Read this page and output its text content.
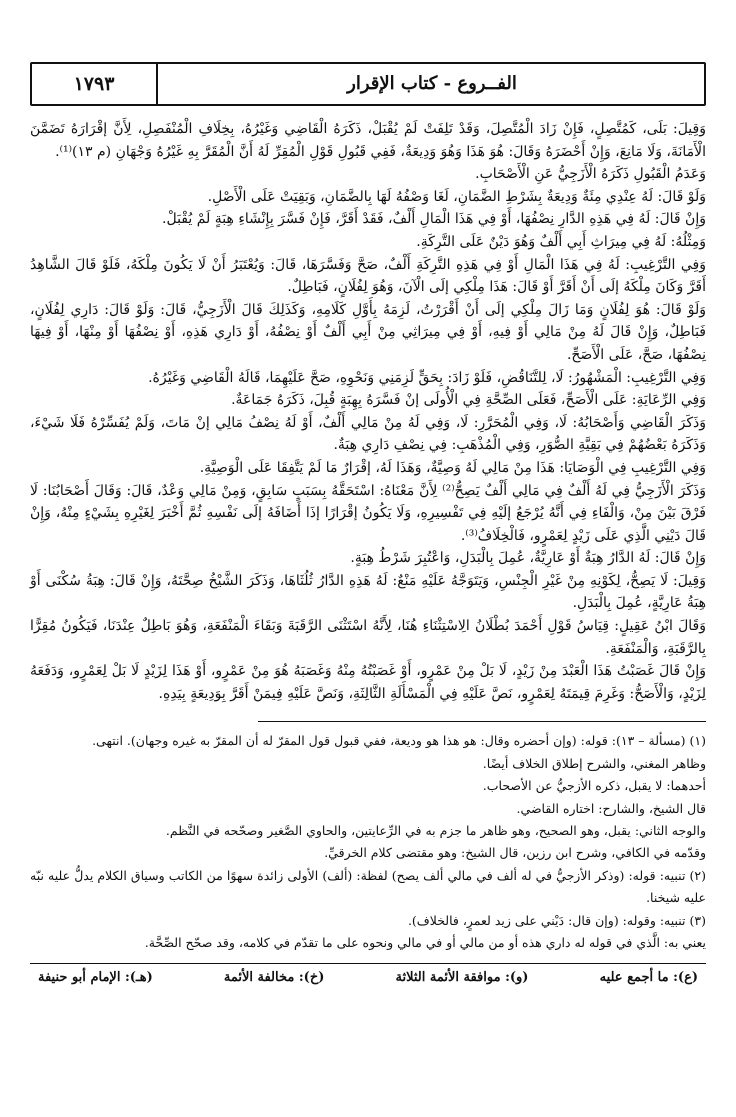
الفــروع - كتاب الإقرار
١٧٩٣

وَقِيلَ: بَلَى، كَمُتَّصِلٍ، فَإِنْ زَادَ الْمُتَّصِلَ، وَقَدْ تَلِفَتْ لَمْ يُقْبَلْ، ذَكَرَهُ الْقَاضِي وَغَيْرُهُ، بِخِلَافِ الْمُنْفَصِلِ، لِأَنَّ إقْرَارَهُ تَضَمَّنَ الْأَمَانَةَ، وَلَا مَانِعَ، وَإِنْ أَحْضَرَهُ وَقَالَ: هُوَ هَذَا وَهُوَ وَدِيعَةٌ، فَفِي قَبُولِ قَوْلِ الْمُقِرِّ لَهُ أَنَّ الْمُقَرَّ بِهِ غَيْرُهُ وَجْهَانِ (م ١٣)⁽¹⁾.

وَعَدَمُ الْقَبُولِ ذَكَرَهُ الْأَزَجِيُّ عَنِ الْأَصْحَابِ.

وَلَوْ قَالَ: لَهُ عِنْدِي مِئَةٌ وَدِيعَةٌ بِشَرْطِ الضَّمَانِ، لَغَا وَصْفُهُ لَهَا بِالضَّمَانِ، وَبَقِيَتْ عَلَى الْأَصْلِ.

وَإِنْ قَالَ: لَهُ فِي هَذِهِ الدَّارِ نِصْفُهَا، أَوْ فِي هَذَا الْمَالِ أَلْفٌ، فَقَدْ أَقَرَّ، فَإِنْ فَسَّرَ بِإِنْشَاءِ هِبَةٍ لَمْ يُقْبَلْ.

وَمِثْلُهُ: لَهُ فِي مِيرَاثِ أَبِي أَلْفٌ وَهُوَ دَيْنٌ عَلَى التَّرِكَةِ.

وَفِي التَّرْغِيبِ: لَهُ فِي هَذَا الْمَالِ أَوْ فِي هَذِهِ التَّرِكَةِ أَلْفٌ، صَحَّ وَفَسَّرَهَا، قَالَ: وَيُعْتَبَرُ أَنْ لَا يَكُونَ مِلْكَهُ، فَلَوْ قَالَ الشَّاهِدُ أَقَرَّ وَكَانَ مِلْكَهُ إلَى أَنْ أَقَرَّ أَوْ قَالَ: هَذَا مِلْكِي إلَى الْآنَ، وَهُوَ لِفُلَانٍ، فَبَاطِلٌ.

وَلَوْ قَالَ: هُوَ لِفُلَانٍ وَمَا زَالَ مِلْكِي إلَى أَنْ أَقْرَرْتُ، لَزِمَهُ بِأَوَّلِ كَلَامِهِ، وَكَذَلِكَ قَالَ الْأَزَجِيُّ، قَالَ: وَلَوْ قَالَ: دَارِي لِفُلَانٍ، فَبَاطِلٌ، وَإِنْ قَالَ لَهُ مِنْ مَالِي أَوْ فِيهِ، أَوْ فِي مِيرَاثِي مِنْ أَبِي أَلْفٌ أَوْ نِصْفُهُ، أَوْ دَارِي هَذِهِ، أَوْ نِصْفُهَا أَوْ مِنْهَا، أَوْ فِيهَا نِصْفُهَا، صَحَّ، عَلَى الْأَصَحِّ.

وَفِي التَّرْغِيبِ: الْمَشْهُورُ: لَا، لِلتَّنَاقُضِ، فَلَوْ زَادَ: بِحَقٍّ لَزِمَنِي وَنَحْوِهِ، صَحَّ عَلَيْهِمَا، قَالَهُ الْقَاضِي وَغَيْرُهُ.

وَفِي الرِّعَايَةِ: عَلَى الْأَصَحِّ، فَعَلَى الصِّحَّةِ فِي الْأُولَى إنْ فَسَّرَهُ بِهِبَةٍ قُبِلَ، ذَكَرَهُ جَمَاعَةٌ.

وَذَكَرَ الْقَاضِي وَأَصْحَابُهُ: لَا، وَفِي الْمُحَرَّرِ: لَا، وَفِي لَهُ مِنْ مَالِي أَلْفٌ، أَوْ لَهُ نِصْفُ مَالِي إنْ مَاتَ، وَلَمْ يُفَسِّرْهُ فَلَا شَيْءَ، وَذَكَرَهُ بَعْضُهُمْ فِي بَقِيَّةِ الصُّوَرِ، وَفِي الْمُذْهَبِ: فِي نِصْفِ دَارِي هِبَةٌ.

وَفِي التَّرْغِيبِ فِي الْوَصَايَا: هَذَا مِنْ مَالِي لَهُ وَصِيَّةٌ، وَهَذَا لَهُ، إقْرَارٌ مَا لَمْ يَتَّفِقَا عَلَى الْوَصِيَّةِ.

وَذَكَرَ الْأَزَجِيُّ فِي لَهُ أَلْفٌ فِي مَالِي أَلْفٌ يَصِحُّ⁽²⁾ لِأَنَّ مَعْنَاهُ: اسْتَحَقَّهُ بِسَبَبٍ سَابِقٍ، وَمِنْ مَالِي وَعْدٌ، قَالَ: وَقَالَ أَصْحَابُنَا: لَا فَرْقَ بَيْنَ مِنْ، وَالْفَاءِ فِي أَنَّهُ يُرْجَعُ إلَيْهِ فِي تَفْسِيرِهِ، وَلَا يَكُونُ إقْرَارًا إذَا أَضَافَهُ إلَى نَفْسِهِ ثُمَّ أَخْبَرَ لِغَيْرِهِ بِشَيْءٍ مِنْهُ، وَإِنْ قَالَ دَيْنِي الَّذِي عَلَى زَيْدٍ لِعَمْرٍو، فَالْخِلَافُ⁽³⁾.

وَإِنْ قَالَ: لَهُ الدَّارُ هِبَةٌ أَوْ عَارِيَّةٌ، عُمِلَ بِالْبَدَلِ، وَاعْتُبِرَ شَرْطُ هِبَةٍ.

وَقِيلَ: لَا يَصِحُّ، لِكَوْنِهِ مِنْ غَيْرِ الْجِنْسِ، وَيَتَوَجَّهُ عَلَيْهِ مَنْعٌ: لَهُ هَذِهِ الدَّارُ ثُلُثَاهَا، وَذَكَرَ الشَّيْخُ صِحَّتَهُ، وَإِنْ قَالَ: هِبَةُ سُكْنَى أَوْ هِبَةُ عَارِيَّةٍ، عُمِلَ بِالْبَدَلِ.

وَقَالَ ابْنُ عَقِيلٍ: قِيَاسُ قَوْلِ أَحْمَدَ بُطْلَانُ الِاسْتِثْنَاءِ هُنَا، لِأَنَّهُ اسْتَثْنَى الرَّقَبَةَ وَبَقَاءَ الْمَنْفَعَةِ، وَهُوَ بَاطِلٌ عِنْدَنَا، فَيَكُونُ مُقِرًّا بِالرَّقَبَةِ، وَالْمَنْفَعَةِ.

وَإِنْ قَالَ غَصَبْتُ هَذَا الْعَبْدَ مِنْ زَيْدٍ، لَا بَلْ مِنْ عَمْرٍو، أَوْ غَصَبْتُهُ مِنْهُ وَغَصَبَهُ هُوَ مِنْ عَمْرٍو، أَوْ هَذَا لِزَيْدٍ لَا بَلْ لِعَمْرٍو، وَدَفَعَهُ لِزَيْدٍ، وَالْأَصَحُّ: وَغَرِمَ قِيمَتَهُ لِعَمْرٍو، نَصَّ عَلَيْهِ فِي الْمَسْأَلَةِ الثَّالِثَةِ، وَنَصَّ عَلَيْهِ فِيمَنْ أَقَرَّ بِوَدِيعَةٍ بِيَدِهِ.

(١) (مسألة – ١٣): قوله: (وإن أحضره وقال: هو هذا هو وديعة، ففي قبول قول المقرّ له أن المقرّ به غيره وجهان). انتهى.

وظاهر المغني، والشرح إطلاق الخلاف أيضًا.

أحدهما: لا يقبل، ذكره الأزجيُّ عن الأصحاب.

قال الشيخ، والشارح: اختاره القاضي.

والوجه الثاني: يقبل، وهو الصحيح، وهو ظاهر ما جزم به في الرِّعايتين، والحاوي الصَّغير وصحّحه في النَّظم.

وقدّمه في الكافي، وشرح ابن رزين، قال الشيخ: وهو مقتضى كلام الخرقيِّ.

(٢) تنبيه: قوله: (وذكر الأزجيُّ في له ألف في مالي ألف يصح) لفظة: (ألف) الأولى زائدة سهوًا من الكاتب وسياق الكلام يدلُّ عليه نبّه عليه شيخنا.

(٣) تنبيه: وقوله: (وإن قال: دَيْني على زيد لعمرٍ، فالخلاف).

يعني به: الَّذي في قوله له داري هذه أو من مالي أو في مالي ونحوه على ما تقدّم في كلامه، وقد صحّح الصِّحَّة.

(ع): ما أجمع عليه
(و): موافقة الأئمة الثلاثة
(خ): مخالفة الأئمة
(هـ): الإمام أبو حنيفة
